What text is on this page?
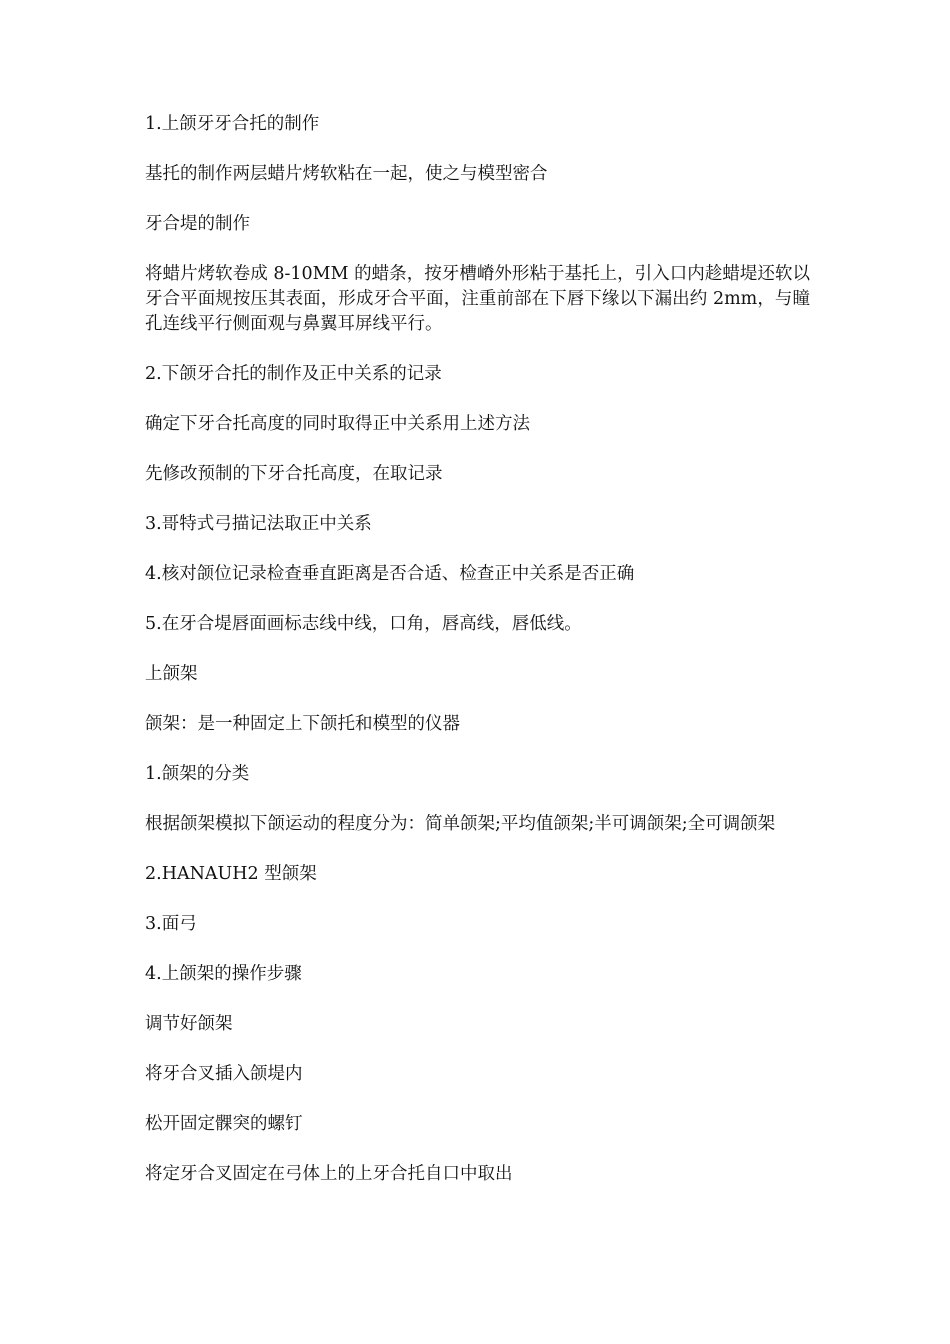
1.上颌牙牙合托的制作

基托的制作两层蜡片烤软粘在一起，使之与模型密合

牙合堤的制作

将蜡片烤软卷成 8-10MM 的蜡条，按牙槽嵴外形粘于基托上，引入口内趁蜡堤还软以牙合平面规按压其表面，形成牙合平面，注重前部在下唇下缘以下漏出约 2mm，与瞳孔连线平行侧面观与鼻翼耳屏线平行。

2.下颌牙合托的制作及正中关系的记录

确定下牙合托高度的同时取得正中关系用上述方法

先修改预制的下牙合托高度，在取记录

3.哥特式弓描记法取正中关系

4.核对颌位记录检查垂直距离是否合适、检查正中关系是否正确

5.在牙合堤唇面画标志线中线，口角，唇高线，唇低线。

上颌架

颌架：是一种固定上下颌托和模型的仪器

1.颌架的分类

根据颌架模拟下颌运动的程度分为：简单颌架;平均值颌架;半可调颌架;全可调颌架

2.HANAUH2 型颌架

3.面弓

4.上颌架的操作步骤

调节好颌架

将牙合叉插入颌堤内

松开固定髁突的螺钉

将定牙合叉固定在弓体上的上牙合托自口中取出
